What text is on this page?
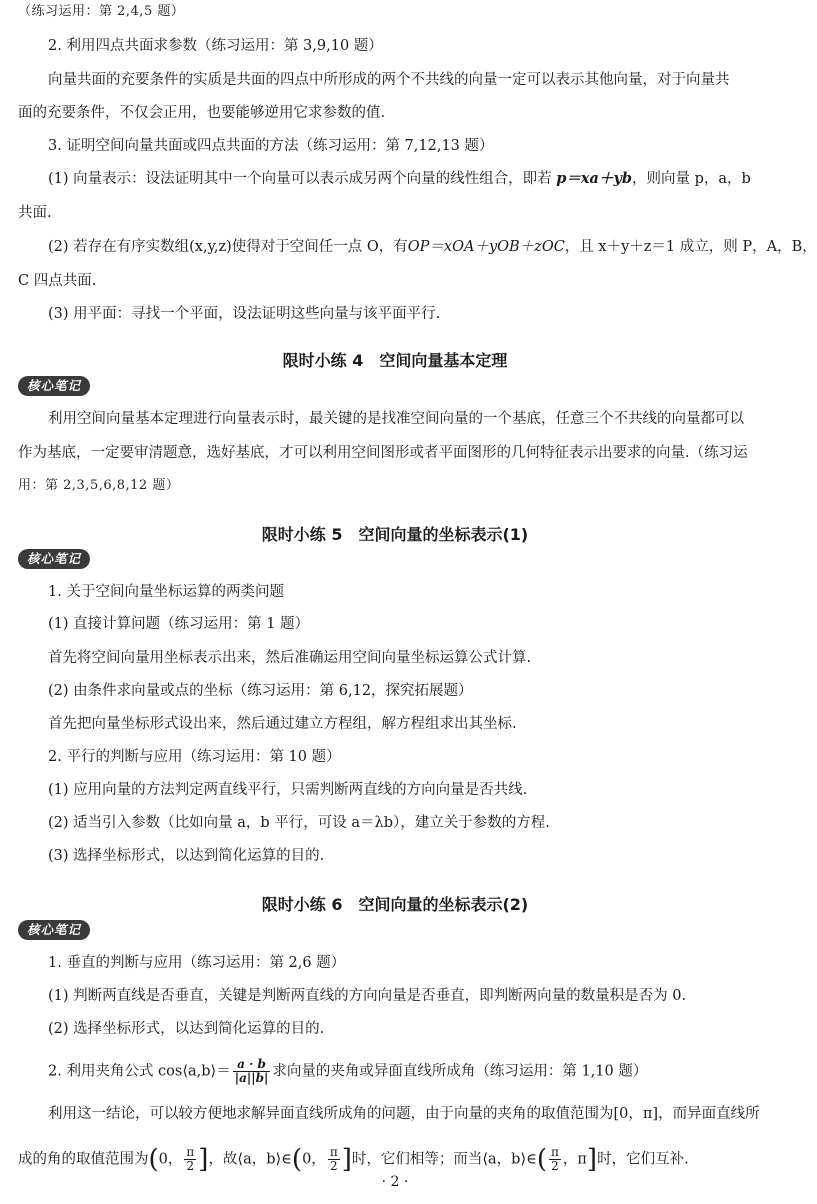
（练习运用：第 2,4,5 题）
2. 利用四点共面求参数（练习运用：第 3,9,10 题）
向量共面的充要条件的实质是共面的四点中所形成的两个不共线的向量一定可以表示其他向量，对于向量共
面的充要条件，不仅会正用，也要能够逆用它求参数的值.
3. 证明空间向量共面或四点共面的方法（练习运用：第 7,12,13 题）
(1) 向量表示：设法证明其中一个向量可以表示成另两个向量的线性组合，即若 p＝xa＋yb，则向量 p，a，b
共面.
(2) 若存在有序实数组(x,y,z)使得对于空间任一点 O，有OP＝xOA＋yOB＋zOC，且 x＋y＋z＝1 成立，则 P，A，B，
C 四点共面.
(3) 用平面：寻找一个平面，设法证明这些向量与该平面平行.
限时小练 4　空间向量基本定理
核心笔记
利用空间向量基本定理进行向量表示时，最关键的是找准空间向量的一个基底，任意三个不共线的向量都可以
作为基底，一定要审清题意，选好基底，才可以利用空间图形或者平面图形的几何特征表示出要求的向量.（练习运
用：第 2,3,5,6,8,12 题）
限时小练 5　空间向量的坐标表示(1)
核心笔记
1. 关于空间向量坐标运算的两类问题
(1) 直接计算问题（练习运用：第 1 题）
首先将空间向量用坐标表示出来，然后准确运用空间向量坐标运算公式计算.
(2) 由条件求向量或点的坐标（练习运用：第 6,12，探究拓展题）
首先把向量坐标形式设出来，然后通过建立方程组，解方程组求出其坐标.
2. 平行的判断与应用（练习运用：第 10 题）
(1) 应用向量的方法判定两直线平行，只需判断两直线的方向向量是否共线.
(2) 适当引入参数（比如向量 a，b 平行，可设 a＝λb），建立关于参数的方程.
(3) 选择坐标形式，以达到简化运算的目的.
限时小练 6　空间向量的坐标表示(2)
核心笔记
1. 垂直的判断与应用（练习运用：第 2,6 题）
(1) 判断两直线是否垂直，关键是判断两直线的方向向量是否垂直，即判断两向量的数量积是否为 0.
(2) 选择坐标形式，以达到简化运算的目的.
2. 利用夹角公式 cos⟨a,b⟩＝ $\frac{a \cdot b}{|a||b|}$ 求向量的夹角或异面直线所成角（练习运用：第 1,10 题）
利用这一结论，可以较方便地求解异面直线所成角的问题，由于向量的夹角的取值范围为[0，π]，而异面直线所
成的角的取值范围为(0， $\frac{\pi}{2}$ ]，故⟨a，b⟩∈(0， $\frac{\pi}{2}$ ]时，它们相等；而当⟨a，b⟩∈( $\frac{\pi}{2}$ ，π]时，它们互补.
· 2 ·
